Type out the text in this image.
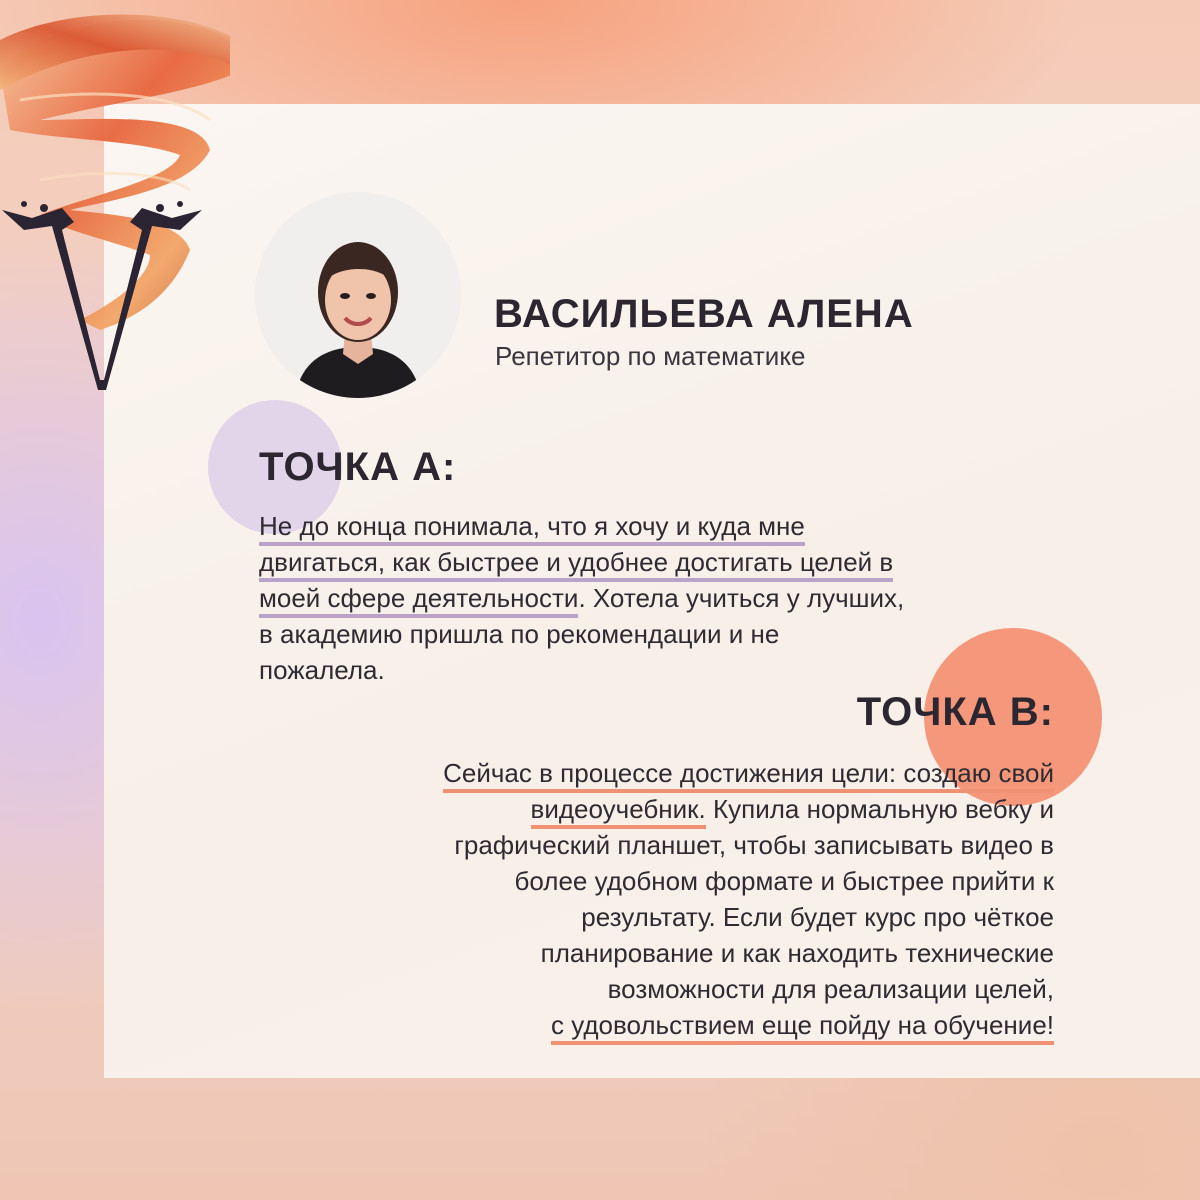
ВАСИЛЬЕВА АЛЕНА

Репетитор по математике

ТОЧКА А:

Не до конца понимала, что я хочу и куда мне
двигаться, как быстрее и удобнее достигать целей в
моей сфере деятельности. Хотела учиться у лучших,
в академию пришла по рекомендации и не
пожалела.

ТОЧКА В:

Сейчас в процессе достижения цели: создаю свой
видеоучебник. Купила нормальную вебку и
графический планшет, чтобы записывать видео в
более удобном формате и быстрее прийти к
результату. Если будет курс про чёткое
планирование и как находить технические
возможности для реализации целей,
с удовольствием еще пойду на обучение!
